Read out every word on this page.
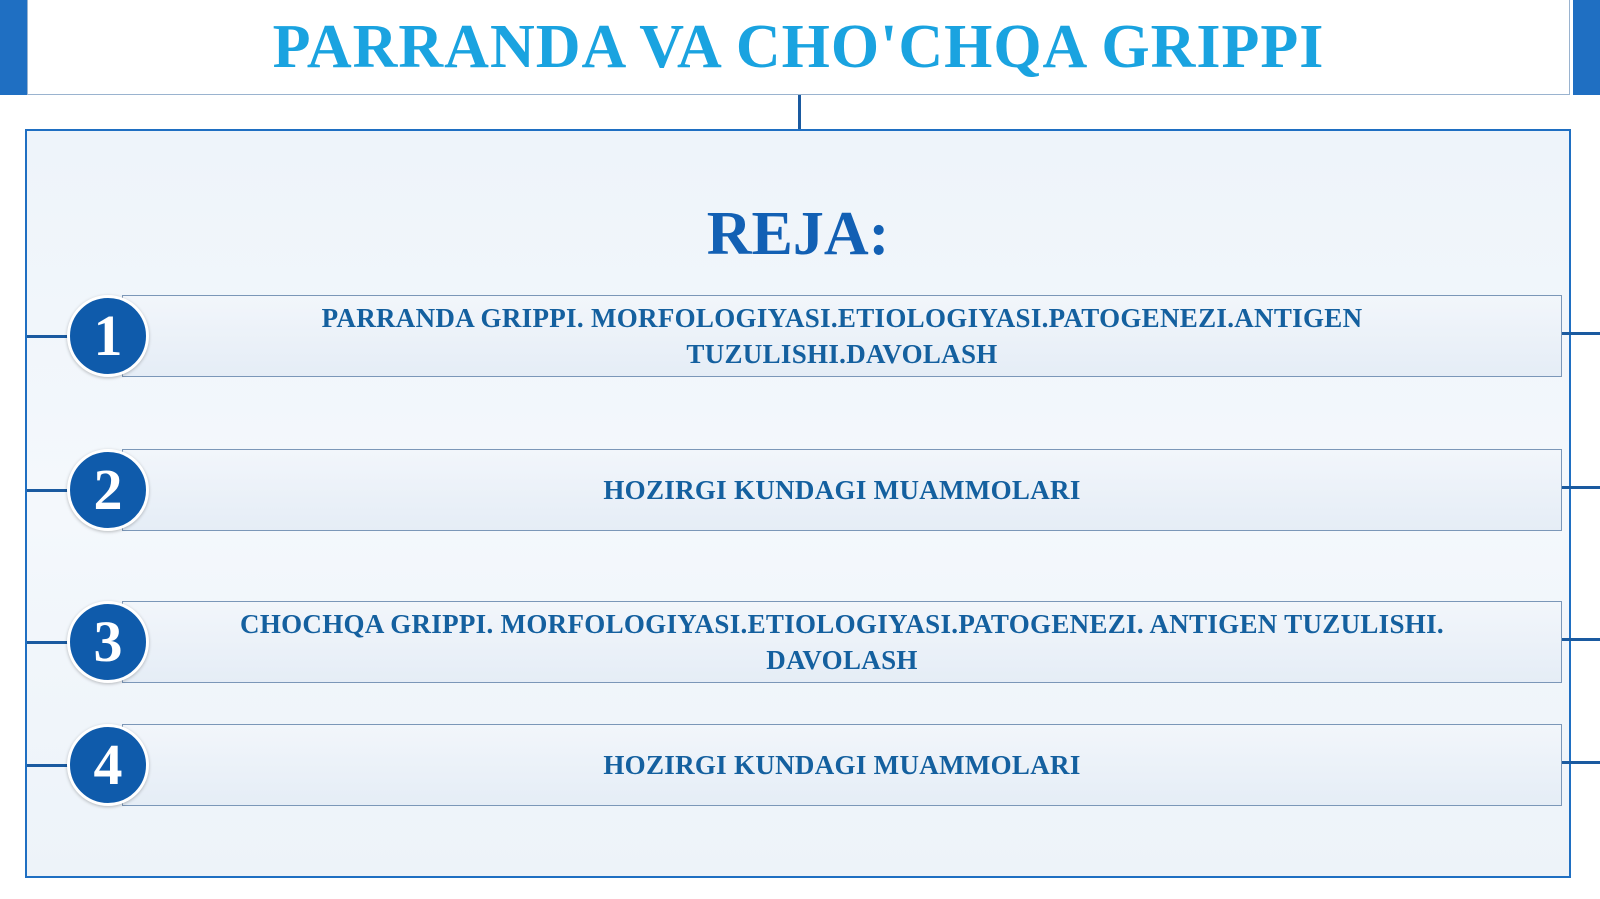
PARRANDA VA CHO'CHQA GRIPPI
REJA:
1	PARRANDA GRIPPI. MORFOLOGIYASI.ETIOLOGIYASI.PATOGENEZI.ANTIGEN TUZULISHI.DAVOLASH
2	HOZIRGI KUNDAGI MUAMMOLARI
3	CHOCHQA GRIPPI. MORFOLOGIYASI.ETIOLOGIYASI.PATOGENEZI. ANTIGEN TUZULISHI. DAVOLASH
4	HOZIRGI KUNDAGI MUAMMOLARI
